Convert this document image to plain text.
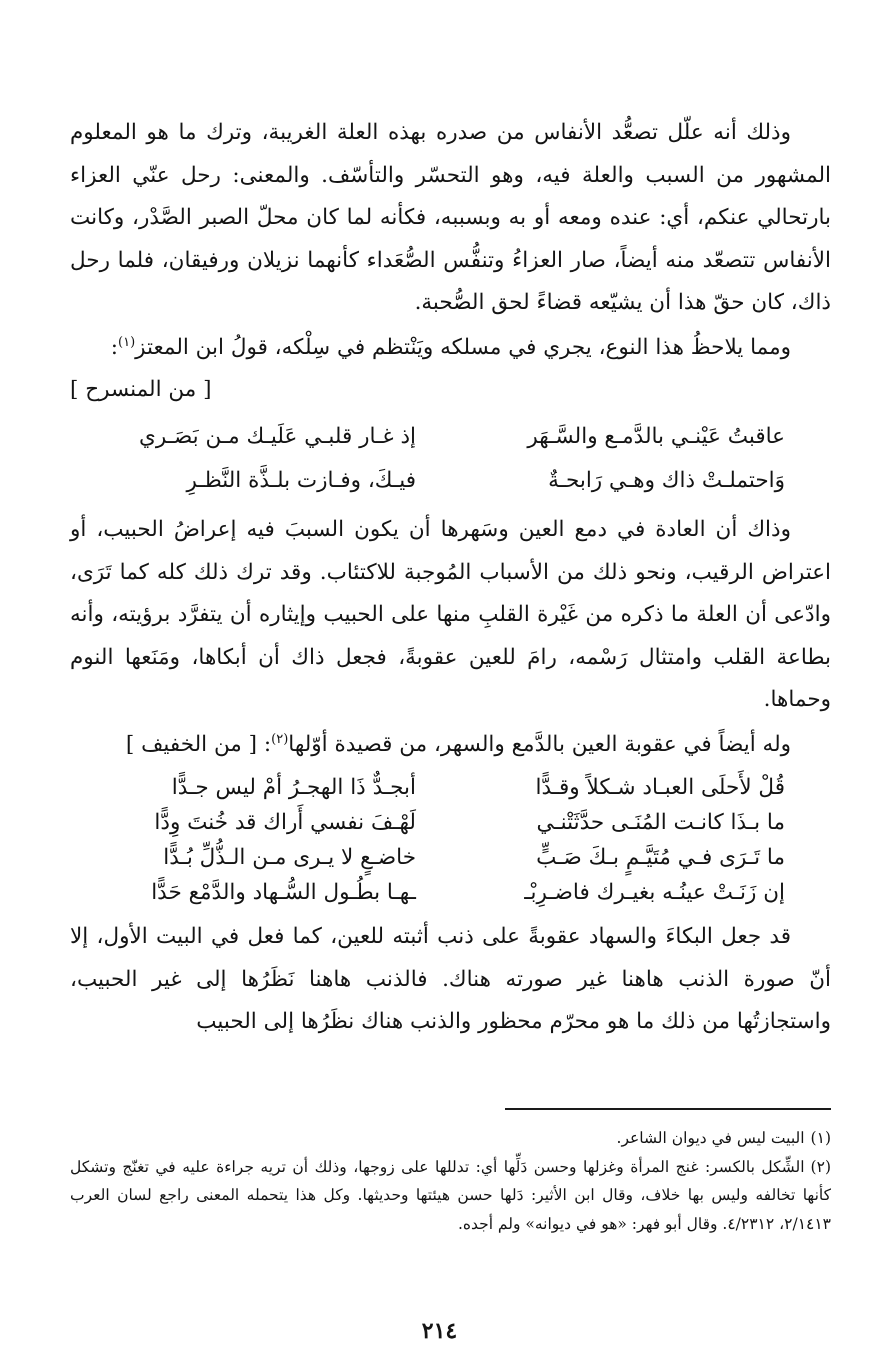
وذلك أنه علّل تصعُّد الأنفاس من صدره بهذه العلة الغريبة، وترك ما هو المعلوم المشهور من السبب والعلة فيه، وهو التحسّر والتأسّف. والمعنى: رحل عنّي العزاء بارتحالي عنكم، أي: عنده ومعه أو به وبسببه، فكأنه لما كان محلّ الصبر الصَّدْر، وكانت الأنفاس تتصعّد منه أيضاً، صار العزاءُ وتنفُّس الصُّعَداء كأنهما نزيلان ورفيقان، فلما رحل ذاك، كان حقّ هذا أن يشيّعه قضاءً لحق الصُّحبة.

ومما يلاحظُ هذا النوع، يجري في مسلكه ويَنْتظم في سِلْكه، قولُ ابن المعتز$^{(١)}$:

[ من المنسرح ]

عاقبتُ عَيْنـي بالدَّمـع والسَّـهَر
إذ غـار قلبـي عَلَيـك مـن بَصَـري
وَاحتملـتْ ذاك وهـي رَابحـةٌ
فيـكَ، وفـازت بلـذَّة النَّظـرِ

وذاك أن العادة في دمع العين وسَهرها أن يكون السببَ فيه إعراضُ الحبيب، أو اعتراض الرقيب، ونحو ذلك من الأسباب المُوجبة للاكتئاب. وقد ترك ذلك كله كما تَرَى، وادّعى أن العلة ما ذكره من غَيْرة القلبِ منها على الحبيب وإيثاره أن يتفرَّد برؤيته، وأنه بطاعة القلب وامتثال رَسْمه، رامَ للعين عقوبةً، فجعل ذاك أن أبكاها، ومَنَعها النوم وحماها.

وله أيضاً في عقوبة العين بالدَّمع والسهر، من قصيدة أوّلها$^{(٢)}$: [ من الخفيف ]

قُلْ لأَحلَى العبـاد شـكلاً وقـدًّا
أبجـدٌّ ذَا الهجـرُ أمْ ليس جـدًّا
ما بـذَا كانـت المُنَـى حدَّثَتْنـي
لَهْـفَ نفسي أَراك قد خُنتَ وِدًّا
ما تَـرَى فـي مُتَيَّـمٍ بـكَ صَـبٍّ
خاضـعٍ لا يـرى مـن الـذُّلِّ بُـدًّا
إن زَنَـتْ عينُـه بغيـرك فاضـرِبْـ
ـهـا بطُـول السُّـهاد والدَّمْع حَدًّا

قد جعل البكاءَ والسهاد عقوبةً على ذنب أثبته للعين، كما فعل في البيت الأول، إلا أنّ صورة الذنب هاهنا غير صورته هناك. فالذنب هاهنا نَظَرُها إلى غير الحبيب، واستجازتُها من ذلك ما هو محرّم محظور والذنب هناك نظَرُها إلى الحبيب

(١)البيت ليس في ديوان الشاعر.

(٢)الشِّكل بالكسر: غنج المرأة وغزلها وحسن دَلِّها أي: تدللها على زوجها، وذلك أن تريه جراءة عليه في تغنّج وتشكل كأنها تخالفه وليس بها خلاف، وقال ابن الأثير: دَلها حسن هيئتها وحديثها. وكل هذا يتحمله المعنى راجع لسان العرب ٢/١٤١٣، ٤/٢٣١٢. وقال أبو فهر: «هو في ديوانه» ولم أجده.

٢١٤
